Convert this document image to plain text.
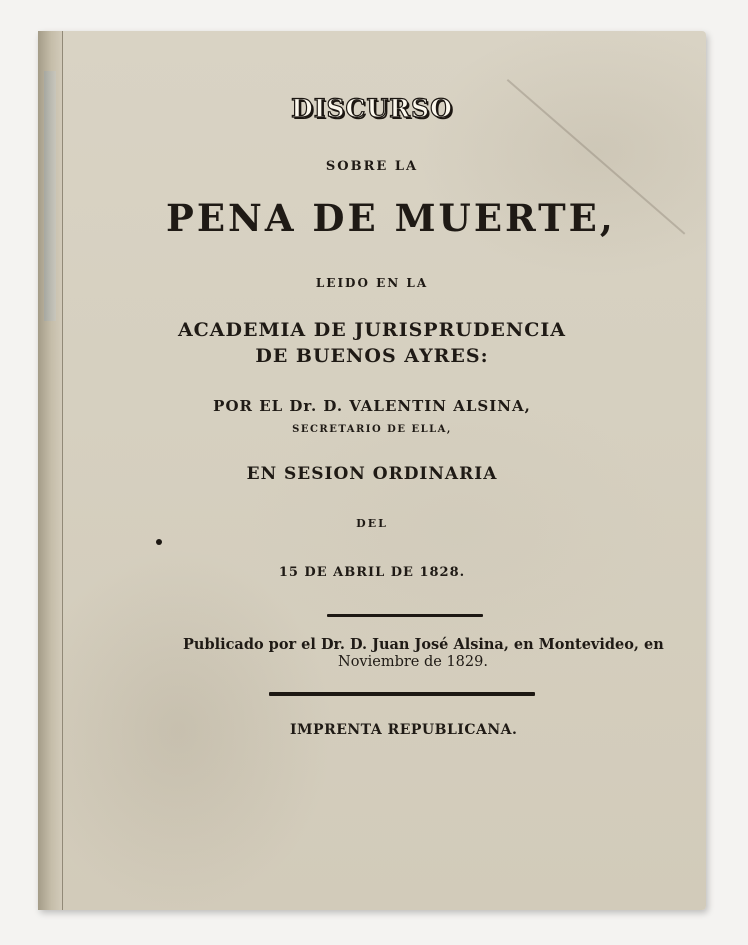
DISCURSO

SOBRE LA

PENA DE MUERTE,

LEIDO EN LA

ACADEMIA DE JURISPRUDENCIA

DE BUENOS AYRES:

POR EL Dr. D. VALENTIN ALSINA,

SECRETARIO DE ELLA,

EN SESION ORDINARIA

DEL

15 DE ABRIL DE 1828.

Publicado por el Dr. D. Juan José Alsina, en Montevideo, en

Noviembre de 1829.

IMPRENTA REPUBLICANA.
